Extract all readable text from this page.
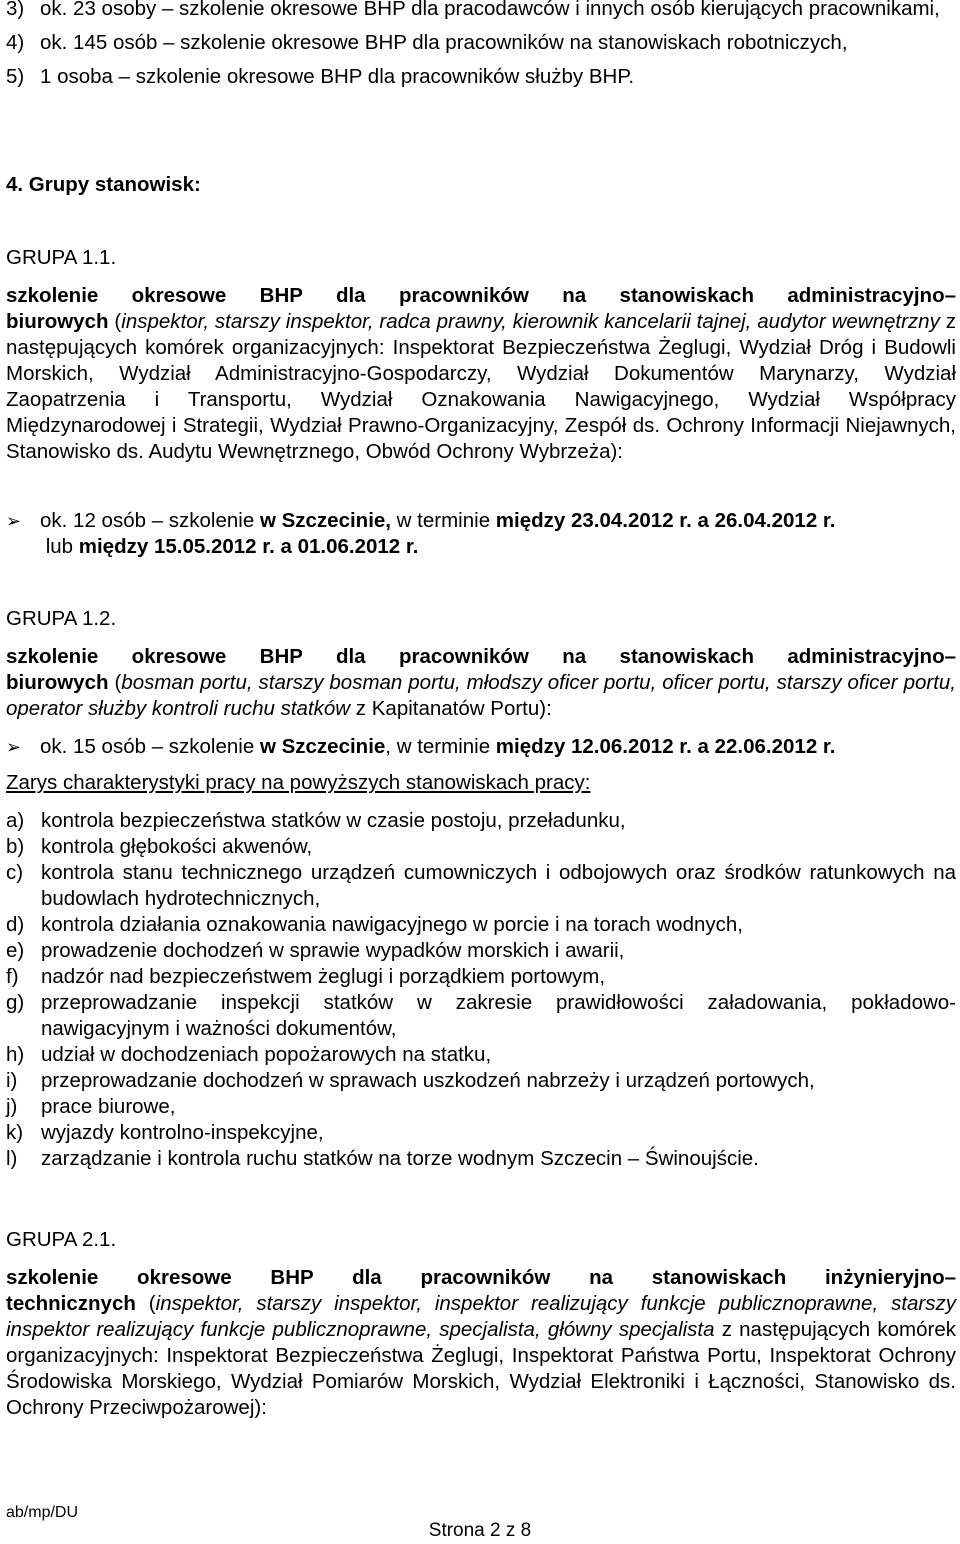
3) ok. 23 osoby – szkolenie okresowe BHP dla pracodawców i innych osób kierujących pracownikami,
4) ok. 145 osób – szkolenie okresowe BHP dla pracowników na stanowiskach robotniczych,
5) 1 osoba – szkolenie okresowe BHP dla pracowników służby BHP.

4. Grupy stanowisk:

GRUPA 1.1.

szkolenie okresowe BHP dla pracowników na stanowiskach administracyjno–

biurowych (inspektor, starszy inspektor, radca prawny, kierownik kancelarii tajnej, audytor wewnętrzny z następujących komórek organizacyjnych: Inspektorat Bezpieczeństwa Żeglugi, Wydział Dróg i Budowli Morskich, Wydział Administracyjno-Gospodarczy, Wydział Dokumentów Marynarzy, Wydział Zaopatrzenia i Transportu, Wydział Oznakowania Nawigacyjnego, Wydział Współpracy Międzynarodowej i Strategii, Wydział Prawno-Organizacyjny, Zespół ds. Ochrony Informacji Niejawnych, Stanowisko ds. Audytu Wewnętrznego, Obwód Ochrony Wybrzeża):

➢ ok. 12 osób – szkolenie w Szczecinie, w terminie między 23.04.2012 r. a 26.04.2012 r.
lub między 15.05.2012 r. a 01.06.2012 r.

GRUPA 1.2.

szkolenie okresowe BHP dla pracowników na stanowiskach administracyjno–

biurowych (bosman portu, starszy bosman portu, młodszy oficer portu, oficer portu, starszy oficer portu, operator służby kontroli ruchu statków z Kapitanatów Portu):

➢ ok. 15 osób – szkolenie w Szczecinie, w terminie między 12.06.2012 r. a 22.06.2012 r.

Zarys charakterystyki pracy na powyższych stanowiskach pracy:

a) kontrola bezpieczeństwa statków w czasie postoju, przeładunku,
b) kontrola głębokości akwenów,
c) kontrola stanu technicznego urządzeń cumowniczych i odbojowych oraz środków ratunkowych na budowlach hydrotechnicznych,
d) kontrola działania oznakowania nawigacyjnego w porcie i na torach wodnych,
e) prowadzenie dochodzeń w sprawie wypadków morskich i awarii,
f)	nadzór nad bezpieczeństwem żeglugi i porządkiem portowym,
g) przeprowadzanie inspekcji statków w zakresie prawidłowości załadowania, pokładowo- nawigacyjnym i ważności dokumentów,
h) udział w dochodzeniach popożarowych na statku,
i)	przeprowadzanie dochodzeń w sprawach uszkodzeń nabrzeży i urządzeń portowych,
j)	prace biurowe,
k) wyjazdy kontrolno-inspekcyjne,
l)	zarządzanie i kontrola ruchu statków na torze wodnym Szczecin – Świnoujście.

GRUPA 2.1.

szkolenie okresowe BHP dla pracowników na stanowiskach inżynieryjno–

technicznych (inspektor, starszy inspektor, inspektor realizujący funkcje publicznoprawne, starszy inspektor realizujący funkcje publicznoprawne, specjalista, główny specjalista z następujących komórek organizacyjnych: Inspektorat Bezpieczeństwa Żeglugi, Inspektorat Państwa Portu, Inspektorat Ochrony Środowiska Morskiego, Wydział Pomiarów Morskich, Wydział Elektroniki i Łączności, Stanowisko ds. Ochrony Przeciwpożarowej):

ab/mp/DU
Strona 2 z 8
